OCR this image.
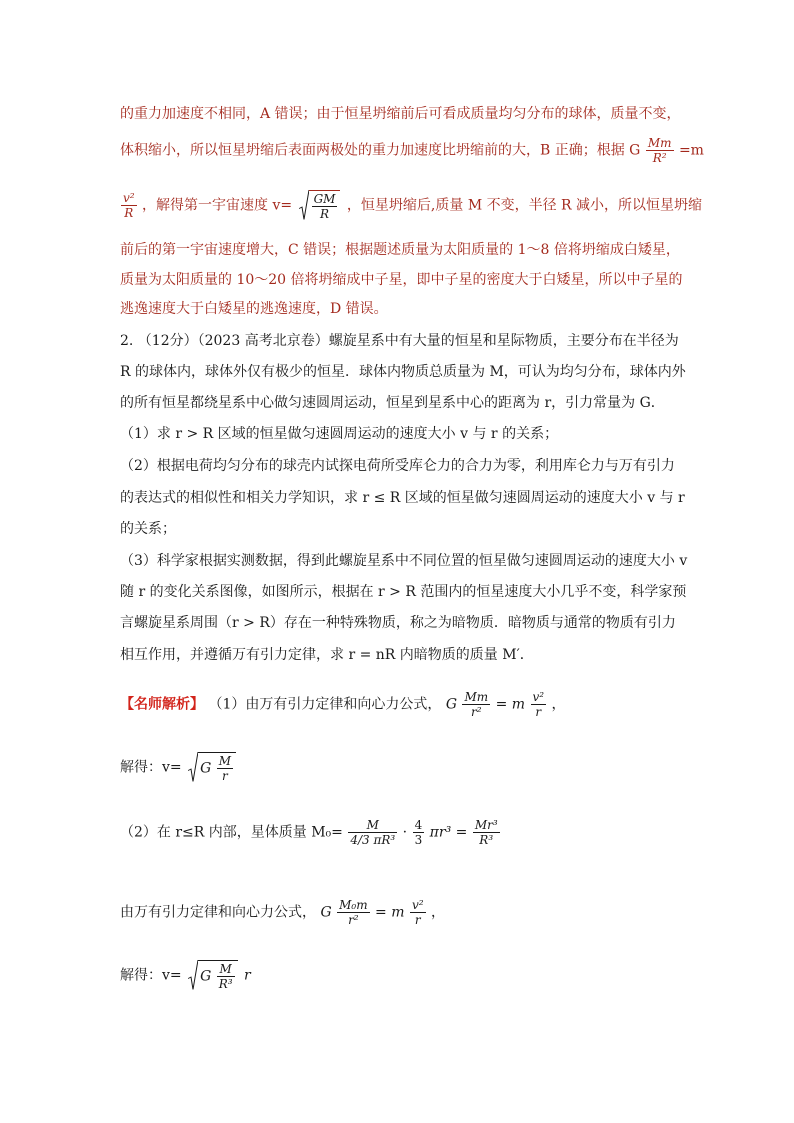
的重力加速度不相同，A 错误；由于恒星坍缩前后可看成质量均匀分布的球体，质量不变，
体积缩小，所以恒星坍缩后表面两极处的重力加速度比坍缩前的大，B 正确；根据 G $\frac{Mm}{\text{R²}} =m$
$\frac{\text{v²}}{R}$ ，解得第一宇宙速度 $v= \frac{GM}{R}$ ，恒星坍缩后,质量 M 不变，半径 R 减小，所以恒星坍缩
前后的第一宇宙速度增大，C 错误；根据题述质量为太阳质量的 1～8 倍将坍缩成白矮星，
质量为太阳质量的 10～20 倍将坍缩成中子星，即中子星的密度大于白矮星，所以中子星的
逃逸速度大于白矮星的逃逸速度，D 错误。
2. （12分）（2023 高考北京卷）螺旋星系中有大量的恒星和星际物质，主要分布在半径为
R 的球体内，球体外仅有极少的恒星．球体内物质总质量为 M，可认为均匀分布，球体内外
的所有恒星都绕星系中心做匀速圆周运动，恒星到星系中心的距离为 r，引力常量为 G．
（1）求 r > R 区域的恒星做匀速圆周运动的速度大小 v 与 r 的关系；
（2）根据电荷均匀分布的球壳内试探电荷所受库仑力的合力为零，利用库仑力与万有引力
的表达式的相似性和相关力学知识，求 r ≤ R 区域的恒星做匀速圆周运动的速度大小 v 与 r
的关系；
（3）科学家根据实测数据，得到此螺旋星系中不同位置的恒星做匀速圆周运动的速度大小 v
随 r 的变化关系图像，如图所示，根据在 r > R 范围内的恒星速度大小几乎不变，科学家预
言螺旋星系周围（r > R）存在一种特殊物质，称之为暗物质．暗物质与通常的物质有引力
相互作用，并遵循万有引力定律，求 r = nR 内暗物质的质量 M′．
【名师解析】 （1）由万有引力定律和向心力公式， G $\frac{Mm}{\text{r²}} = m \frac{\text{v²}}{r}$ ，
解得：v= G $\frac{M}{r}$
（2）在 r≤R 内部，星体质量 $M_0= \frac{M}{\text{4/3 πR³}} \cdot \frac{4}{3} \pi r^3 = \frac{\text{Mr³}}{\text{R³}}$
由万有引力定律和向心力公式， G $\frac{\text{M₀m}}{\text{r²}} = m \frac{\text{v²}}{r}$ ，
解得：v= G $\frac{M}{\text{R³}}$ r
